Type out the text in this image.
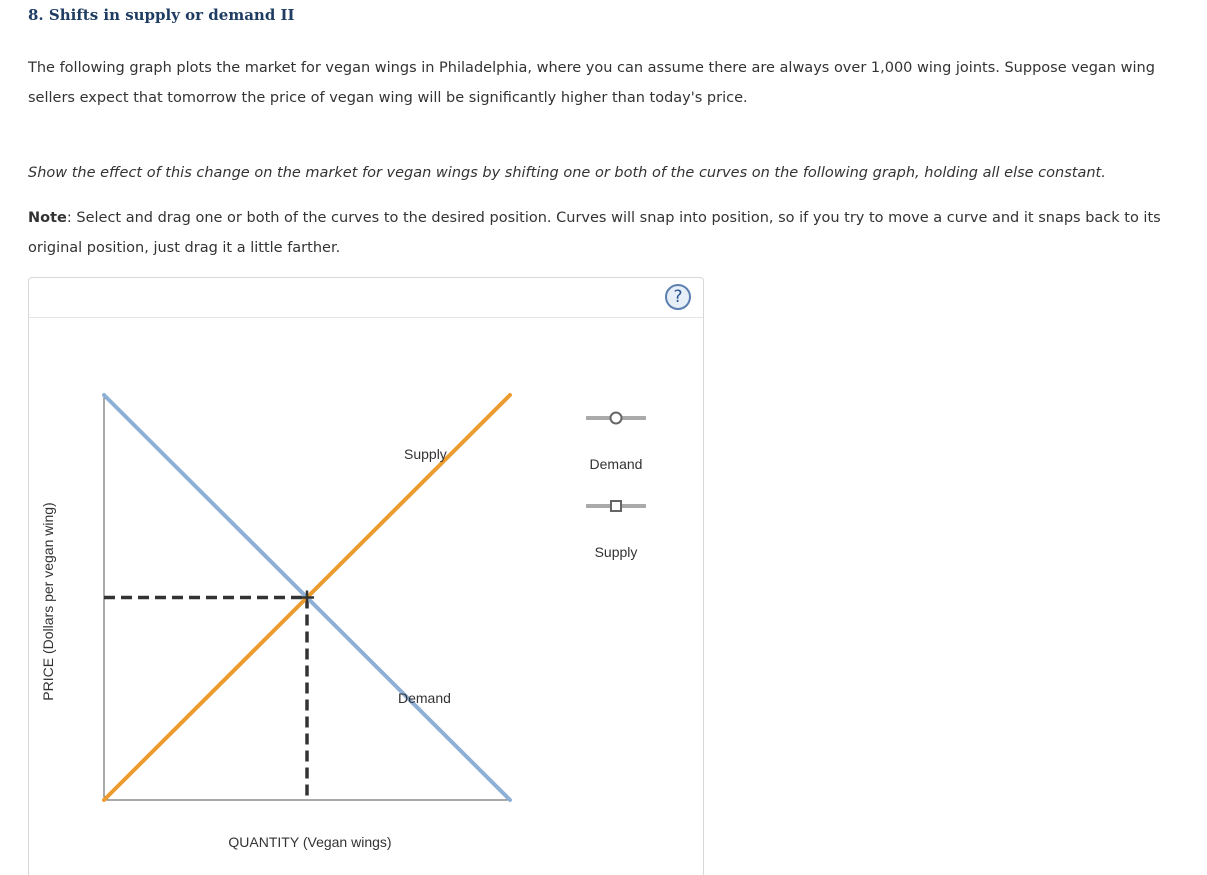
8. Shifts in supply or demand II

The following graph plots the market for vegan wings in Philadelphia, where you can assume there are always over 1,000 wing joints. Suppose vegan wing sellers expect that tomorrow the price of vegan wing will be significantly higher than today's price.

Show the effect of this change on the market for vegan wings by shifting one or both of the curves on the following graph, holding all else constant.

Note: Select and drag one or both of the curves to the desired position. Curves will snap into position, so if you try to move a curve and it snaps back to its original position, just drag it a little farther.

?
Supply
Demand
QUANTITY (Vegan wings)
PRICE (Dollars per vegan wing)
Demand
Supply
